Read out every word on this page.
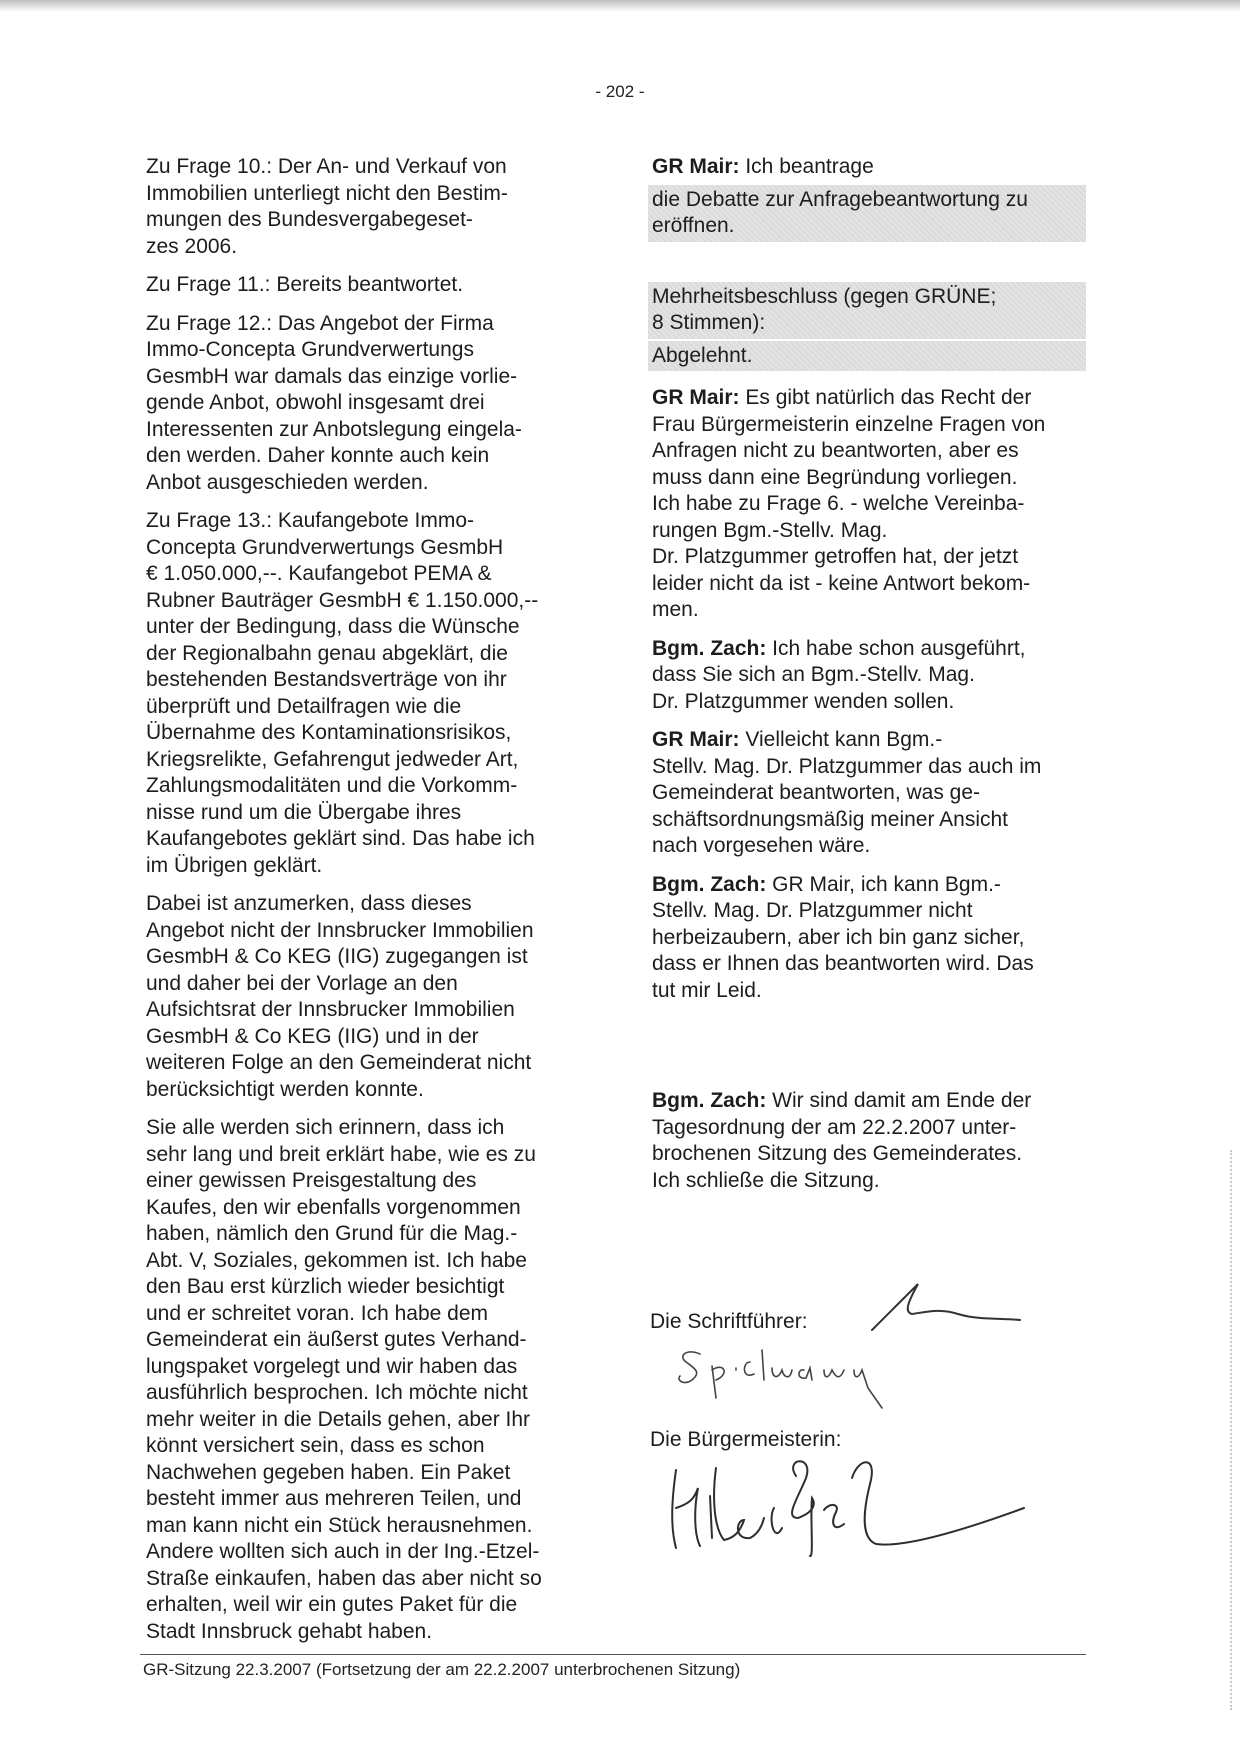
- 202 -
Zu Frage 10.: Der An- und Verkauf von
Immobilien unterliegt nicht den Bestim-
mungen des Bundesvergabegeset-
zes 2006.
Zu Frage 11.: Bereits beantwortet.
Zu Frage 12.: Das Angebot der Firma
Immo-Concepta Grundverwertungs
GesmbH war damals das einzige vorlie-
gende Anbot, obwohl insgesamt drei
Interessenten zur Anbotslegung eingela-
den werden. Daher konnte auch kein
Anbot ausgeschieden werden.
Zu Frage 13.: Kaufangebote Immo-
Concepta Grundverwertungs GesmbH
€ 1.050.000,--. Kaufangebot PEMA &
Rubner Bauträger GesmbH € 1.150.000,--
unter der Bedingung, dass die Wünsche
der Regionalbahn genau abgeklärt, die
bestehenden Bestandsverträge von ihr
überprüft und Detailfragen wie die
Übernahme des Kontaminationsrisikos,
Kriegsrelikte, Gefahrengut jedweder Art,
Zahlungsmodalitäten und die Vorkomm-
nisse rund um die Übergabe ihres
Kaufangebotes geklärt sind. Das habe ich
im Übrigen geklärt.
Dabei ist anzumerken, dass dieses
Angebot nicht der Innsbrucker Immobilien
GesmbH & Co KEG (IIG) zugegangen ist
und daher bei der Vorlage an den
Aufsichtsrat der Innsbrucker Immobilien
GesmbH & Co KEG (IIG) und in der
weiteren Folge an den Gemeinderat nicht
berücksichtigt werden konnte.
Sie alle werden sich erinnern, dass ich
sehr lang und breit erklärt habe, wie es zu
einer gewissen Preisgestaltung des
Kaufes, den wir ebenfalls vorgenommen
haben, nämlich den Grund für die Mag.-
Abt. V, Soziales, gekommen ist. Ich habe
den Bau erst kürzlich wieder besichtigt
und er schreitet voran. Ich habe dem
Gemeinderat ein äußerst gutes Verhand-
lungspaket vorgelegt und wir haben das
ausführlich besprochen. Ich möchte nicht
mehr weiter in die Details gehen, aber Ihr
könnt versichert sein, dass es schon
Nachwehen gegeben haben. Ein Paket
besteht immer aus mehreren Teilen, und
man kann nicht ein Stück herausnehmen.
Andere wollten sich auch in der Ing.-Etzel-
Straße einkaufen, haben das aber nicht so
erhalten, weil wir ein gutes Paket für die
Stadt Innsbruck gehabt haben.
GR Mair: Ich beantrage
die Debatte zur Anfragebeantwortung zu
eröffnen.
Mehrheitsbeschluss (gegen GRÜNE;
8 Stimmen):
Abgelehnt.
GR Mair: Es gibt natürlich das Recht der
Frau Bürgermeisterin einzelne Fragen von
Anfragen nicht zu beantworten, aber es
muss dann eine Begründung vorliegen.
Ich habe zu Frage 6. - welche Vereinba-
rungen Bgm.-Stellv. Mag.
Dr. Platzgummer getroffen hat, der jetzt
leider nicht da ist - keine Antwort bekom-
men.
Bgm. Zach: Ich habe schon ausgeführt,
dass Sie sich an Bgm.-Stellv. Mag.
Dr. Platzgummer wenden sollen.
GR Mair: Vielleicht kann Bgm.-
Stellv. Mag. Dr. Platzgummer das auch im
Gemeinderat beantworten, was ge-
schäftsordnungsmäßig meiner Ansicht
nach vorgesehen wäre.
Bgm. Zach: GR Mair, ich kann Bgm.-
Stellv. Mag. Dr. Platzgummer nicht
herbeizaubern, aber ich bin ganz sicher,
dass er Ihnen das beantworten wird. Das
tut mir Leid.
Bgm. Zach: Wir sind damit am Ende der
Tagesordnung der am 22.2.2007 unter-
brochenen Sitzung des Gemeinderates.
Ich schließe die Sitzung.
Die Schriftführer:
Die Bürgermeisterin:
GR-Sitzung 22.3.2007 (Fortsetzung der am 22.2.2007 unterbrochenen Sitzung)
